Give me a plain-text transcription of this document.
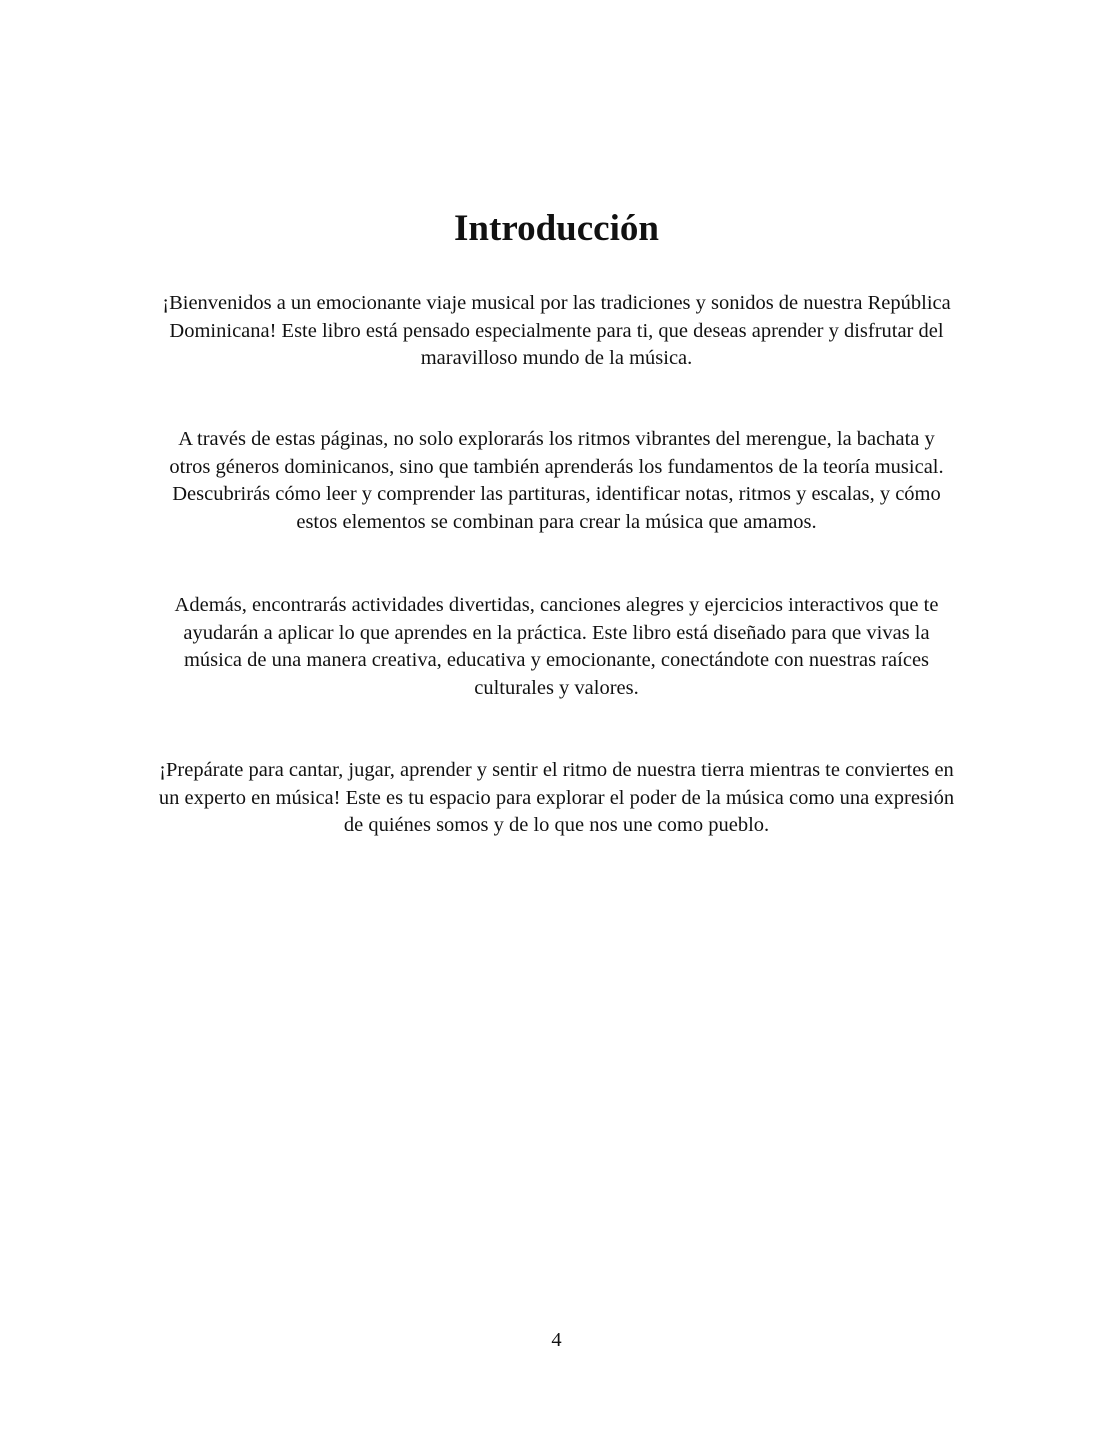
Introducción

¡Bienvenidos a un emocionante viaje musical por las tradiciones y sonidos de nuestra República
Dominicana! Este libro está pensado especialmente para ti, que deseas aprender y disfrutar del
maravilloso mundo de la música.

A través de estas páginas, no solo explorarás los ritmos vibrantes del merengue, la bachata y
otros géneros dominicanos, sino que también aprenderás los fundamentos de la teoría musical.
Descubrirás cómo leer y comprender las partituras, identificar notas, ritmos y escalas, y cómo
estos elementos se combinan para crear la música que amamos.

Además, encontrarás actividades divertidas, canciones alegres y ejercicios interactivos que te
ayudarán a aplicar lo que aprendes en la práctica. Este libro está diseñado para que vivas la
música de una manera creativa, educativa y emocionante, conectándote con nuestras raíces
culturales y valores.

¡Prepárate para cantar, jugar, aprender y sentir el ritmo de nuestra tierra mientras te conviertes en
un experto en música! Este es tu espacio para explorar el poder de la música como una expresión
de quiénes somos y de lo que nos une como pueblo.

4
